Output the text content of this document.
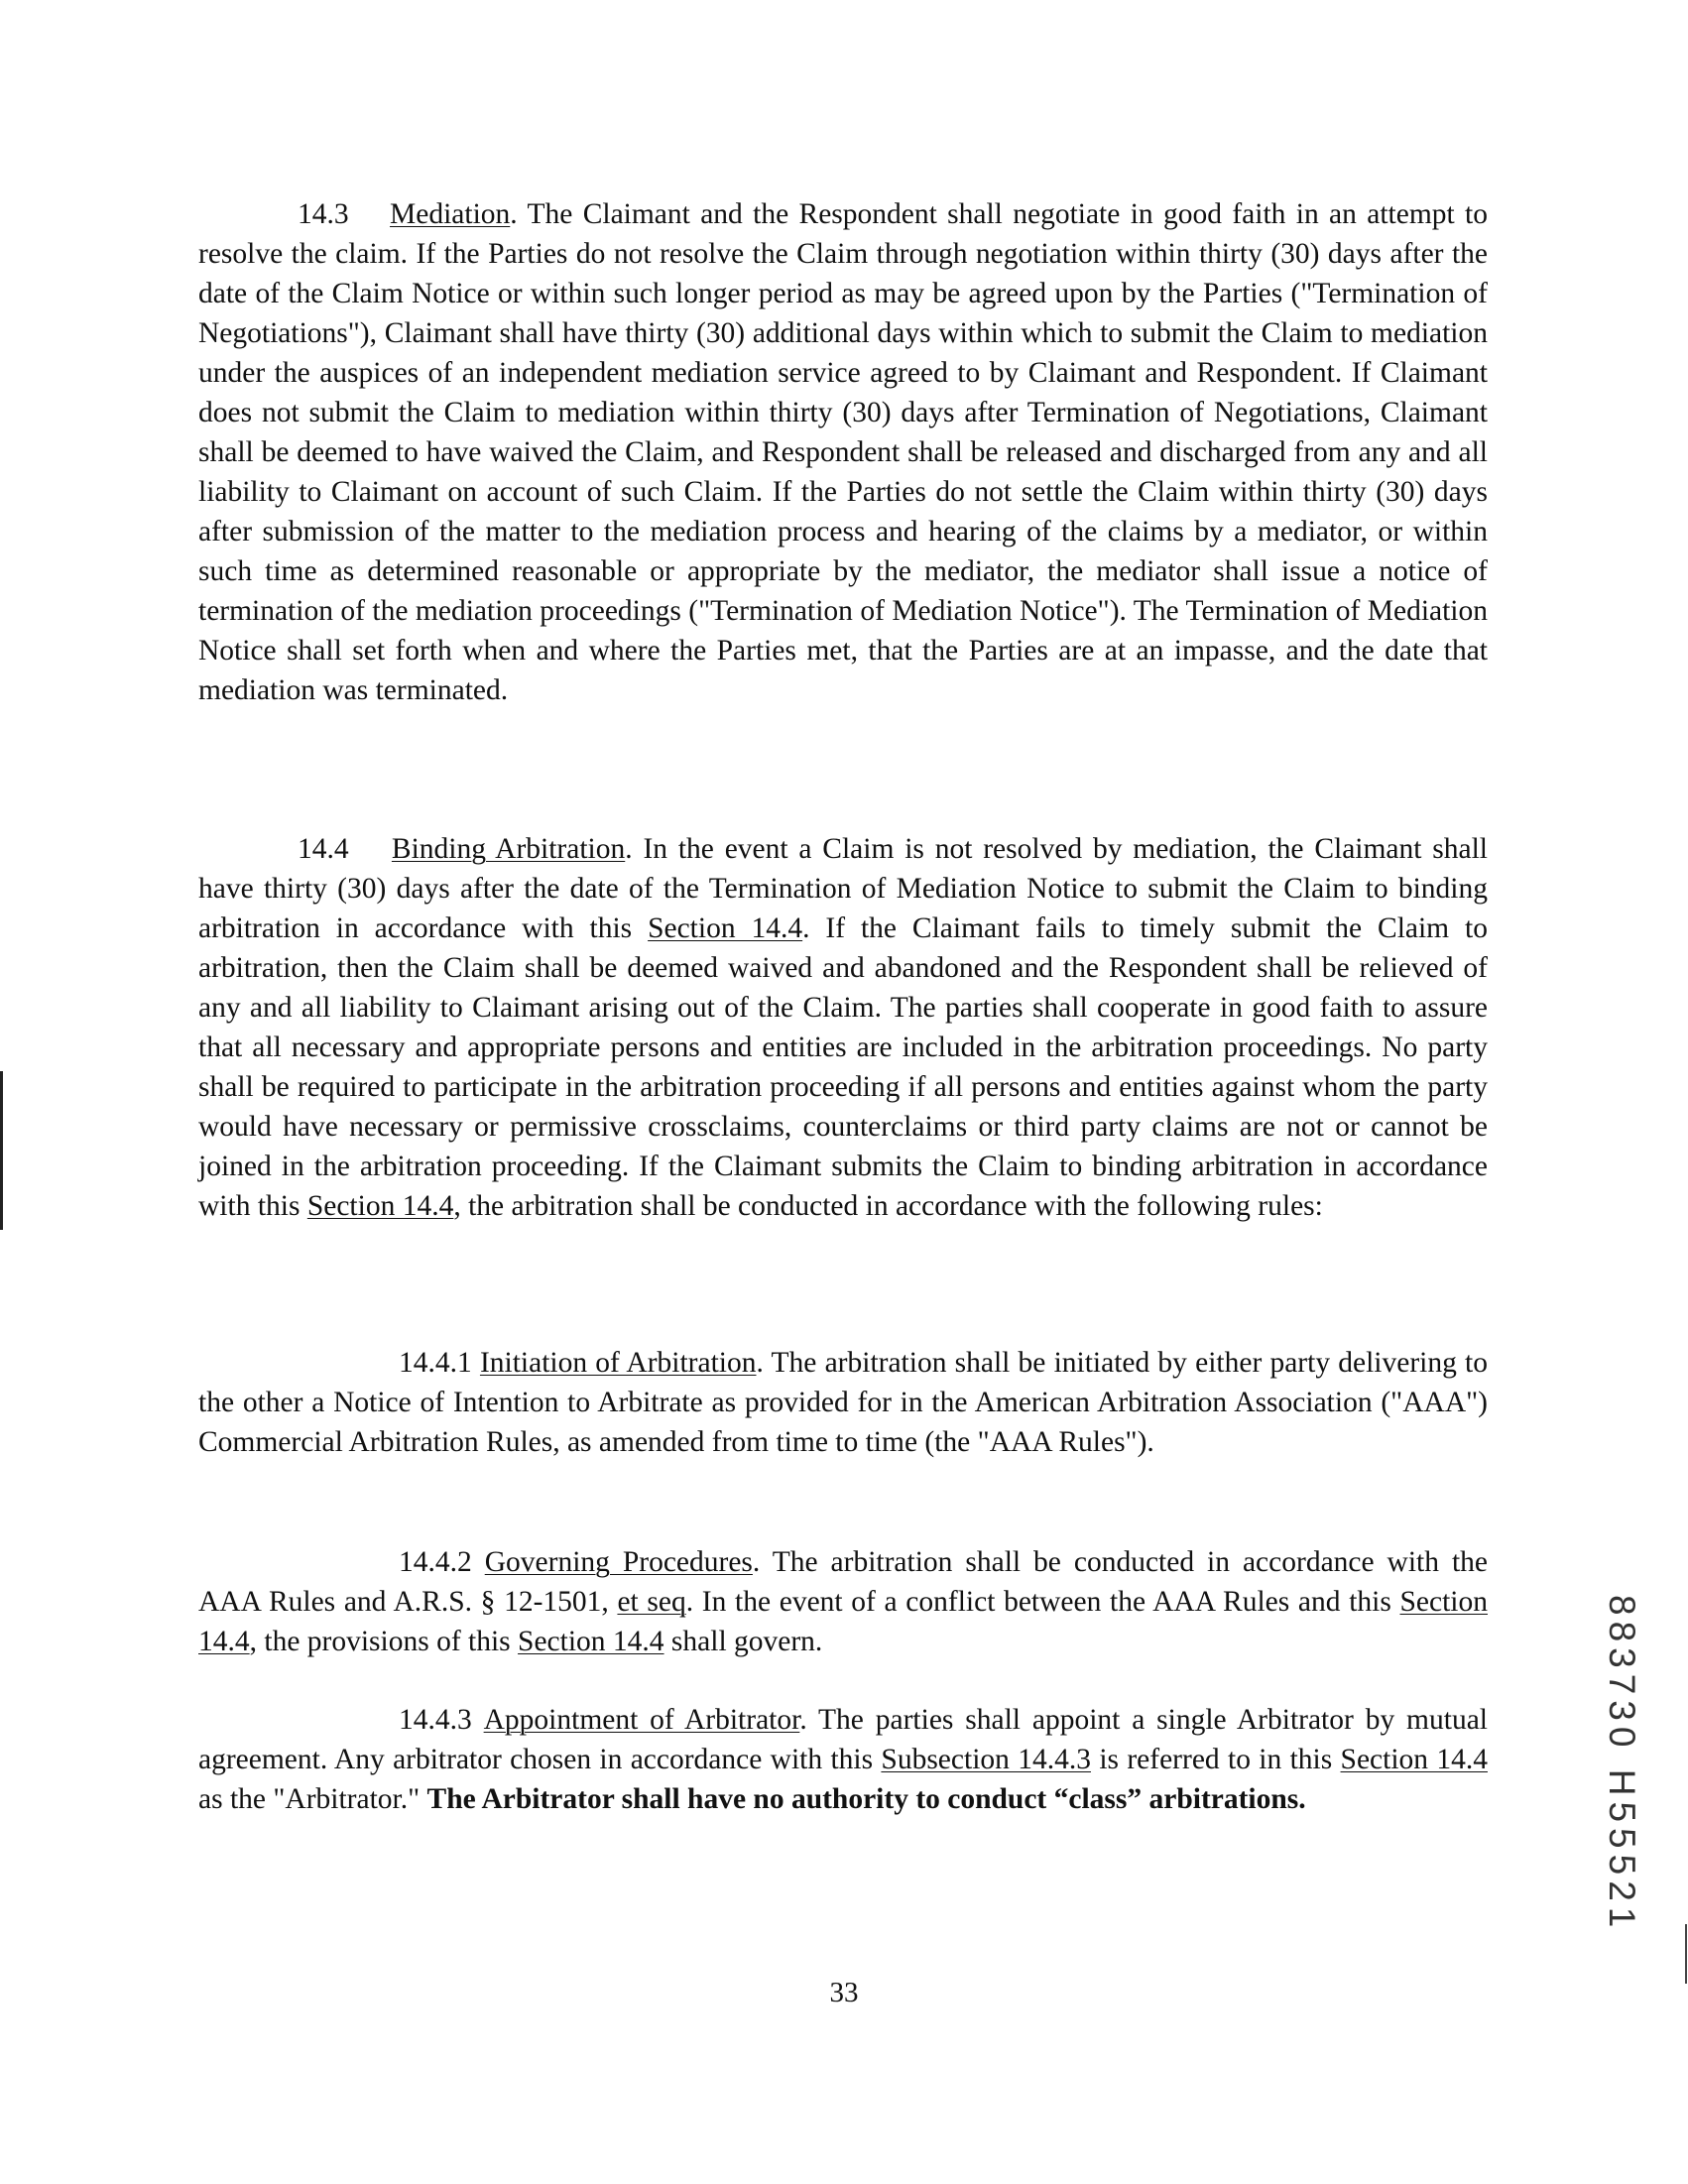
14.3 Mediation. The Claimant and the Respondent shall negotiate in good faith in an attempt to resolve the claim. If the Parties do not resolve the Claim through negotiation within thirty (30) days after the date of the Claim Notice or within such longer period as may be agreed upon by the Parties ("Termination of Negotiations"), Claimant shall have thirty (30) additional days within which to submit the Claim to mediation under the auspices of an independent mediation service agreed to by Claimant and Respondent. If Claimant does not submit the Claim to mediation within thirty (30) days after Termination of Negotiations, Claimant shall be deemed to have waived the Claim, and Respondent shall be released and discharged from any and all liability to Claimant on account of such Claim. If the Parties do not settle the Claim within thirty (30) days after submission of the matter to the mediation process and hearing of the claims by a mediator, or within such time as determined reasonable or appropriate by the mediator, the mediator shall issue a notice of termination of the mediation proceedings ("Termination of Mediation Notice"). The Termination of Mediation Notice shall set forth when and where the Parties met, that the Parties are at an impasse, and the date that mediation was terminated.

14.4 Binding Arbitration. In the event a Claim is not resolved by mediation, the Claimant shall have thirty (30) days after the date of the Termination of Mediation Notice to submit the Claim to binding arbitration in accordance with this Section 14.4. If the Claimant fails to timely submit the Claim to arbitration, then the Claim shall be deemed waived and abandoned and the Respondent shall be relieved of any and all liability to Claimant arising out of the Claim. The parties shall cooperate in good faith to assure that all necessary and appropriate persons and entities are included in the arbitration proceedings. No party shall be required to participate in the arbitration proceeding if all persons and entities against whom the party would have necessary or permissive crossclaims, counterclaims or third party claims are not or cannot be joined in the arbitration proceeding. If the Claimant submits the Claim to binding arbitration in accordance with this Section 14.4, the arbitration shall be conducted in accordance with the following rules:

14.4.1 Initiation of Arbitration. The arbitration shall be initiated by either party delivering to the other a Notice of Intention to Arbitrate as provided for in the American Arbitration Association ("AAA") Commercial Arbitration Rules, as amended from time to time (the "AAA Rules").

14.4.2 Governing Procedures. The arbitration shall be conducted in accordance with the AAA Rules and A.R.S. § 12-1501, et seq. In the event of a conflict between the AAA Rules and this Section 14.4, the provisions of this Section 14.4 shall govern.

14.4.3 Appointment of Arbitrator. The parties shall appoint a single Arbitrator by mutual agreement. Any arbitrator chosen in accordance with this Subsection 14.4.3 is referred to in this Section 14.4 as the "Arbitrator." The Arbitrator shall have no authority to conduct “class” arbitrations.

33
883730 H55521
